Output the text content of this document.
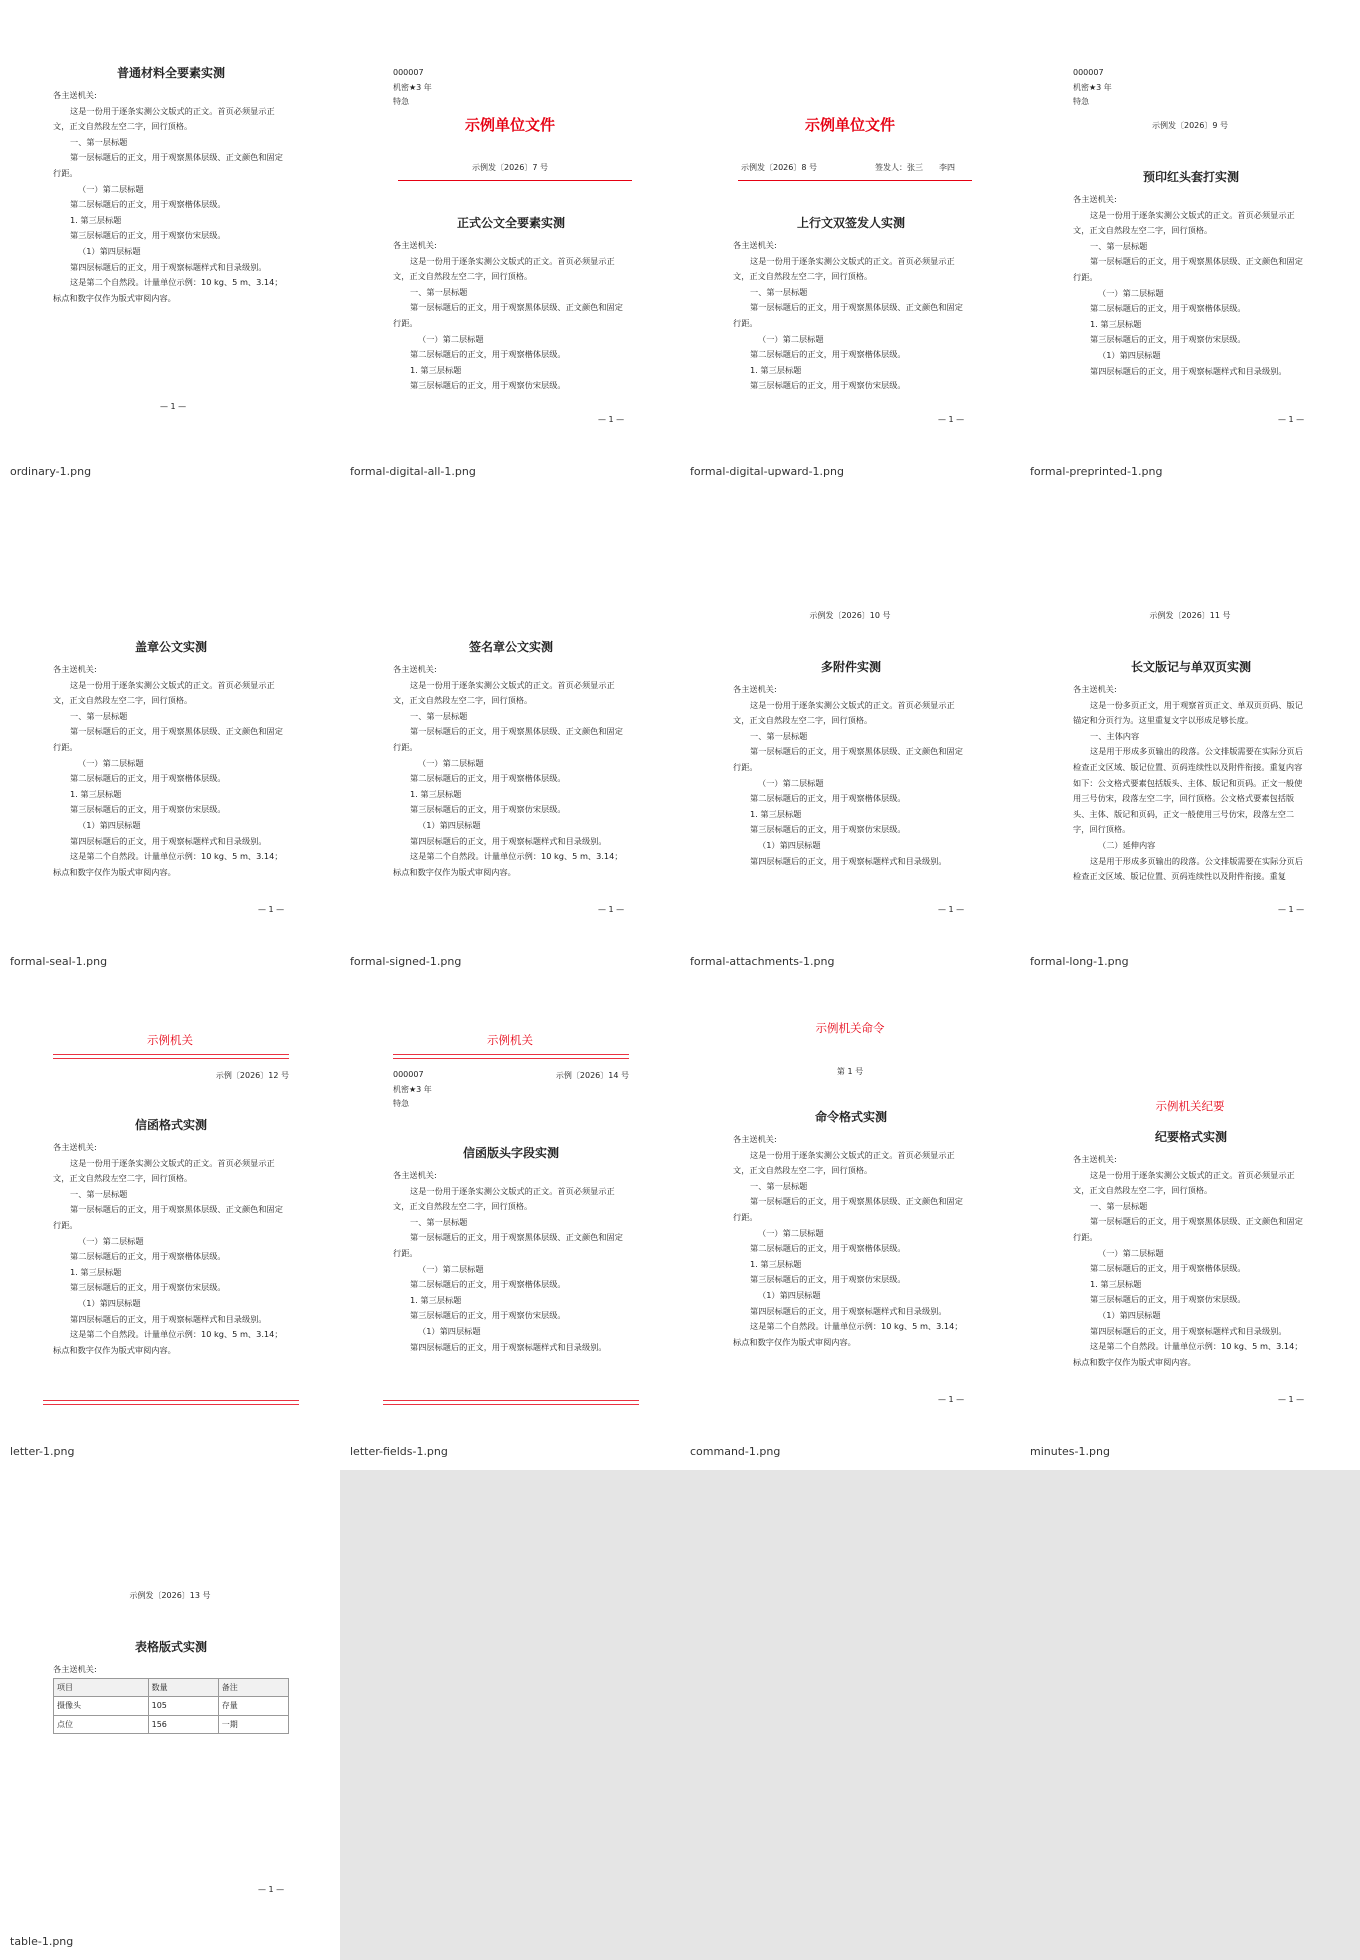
普通材料全要素实测

各主送机关:

这是一份用于逐条实测公文版式的正文。首页必须显示正文，正文自然段左空二字，回行顶格。

一、第一层标题

第一层标题后的正文，用于观察黑体层级、正文颜色和固定行距。

（一）第二层标题

第二层标题后的正文，用于观察楷体层级。

1. 第三层标题

第三层标题后的正文，用于观察仿宋层级。

（1）第四层标题

第四层标题后的正文，用于观察标题样式和目录级别。

这是第二个自然段。计量单位示例：10 kg、5 m、3.14；标点和数字仅作为版式审阅内容。

— 1 —
ordinary-1.png

000007

机密★3 年

特急

示例单位文件
示例发〔2026〕7 号
正式公文全要素实测

各主送机关:

这是一份用于逐条实测公文版式的正文。首页必须显示正文，正文自然段左空二字，回行顶格。

一、第一层标题

第一层标题后的正文，用于观察黑体层级、正文颜色和固定行距。

（一）第二层标题

第二层标题后的正文，用于观察楷体层级。

1. 第三层标题

第三层标题后的正文，用于观察仿宋层级。

— 1 —
formal-digital-all-1.png
示例单位文件
示例发〔2026〕8 号	签发人：张三　　李四
上行文双签发人实测

各主送机关:

这是一份用于逐条实测公文版式的正文。首页必须显示正文，正文自然段左空二字，回行顶格。

一、第一层标题

第一层标题后的正文，用于观察黑体层级、正文颜色和固定行距。

（一）第二层标题

第二层标题后的正文，用于观察楷体层级。

1. 第三层标题

第三层标题后的正文，用于观察仿宋层级。

— 1 —
formal-digital-upward-1.png

000007

机密★3 年

特急

示例发〔2026〕9 号
预印红头套打实测

各主送机关:

这是一份用于逐条实测公文版式的正文。首页必须显示正文，正文自然段左空二字，回行顶格。

一、第一层标题

第一层标题后的正文，用于观察黑体层级、正文颜色和固定行距。

（一）第二层标题

第二层标题后的正文，用于观察楷体层级。

1. 第三层标题

第三层标题后的正文，用于观察仿宋层级。

（1）第四层标题

第四层标题后的正文，用于观察标题样式和目录级别。

— 1 —
formal-preprinted-1.png
盖章公文实测

各主送机关:

这是一份用于逐条实测公文版式的正文。首页必须显示正文，正文自然段左空二字，回行顶格。

一、第一层标题

第一层标题后的正文，用于观察黑体层级、正文颜色和固定行距。

（一）第二层标题

第二层标题后的正文，用于观察楷体层级。

1. 第三层标题

第三层标题后的正文，用于观察仿宋层级。

（1）第四层标题

第四层标题后的正文，用于观察标题样式和目录级别。

这是第二个自然段。计量单位示例：10 kg、5 m、3.14；标点和数字仅作为版式审阅内容。

— 1 —
formal-seal-1.png
签名章公文实测

各主送机关:

这是一份用于逐条实测公文版式的正文。首页必须显示正文，正文自然段左空二字，回行顶格。

一、第一层标题

第一层标题后的正文，用于观察黑体层级、正文颜色和固定行距。

（一）第二层标题

第二层标题后的正文，用于观察楷体层级。

1. 第三层标题

第三层标题后的正文，用于观察仿宋层级。

（1）第四层标题

第四层标题后的正文，用于观察标题样式和目录级别。

这是第二个自然段。计量单位示例：10 kg、5 m、3.14；标点和数字仅作为版式审阅内容。

— 1 —
formal-signed-1.png
示例发〔2026〕10 号
多附件实测

各主送机关:

这是一份用于逐条实测公文版式的正文。首页必须显示正文，正文自然段左空二字，回行顶格。

一、第一层标题

第一层标题后的正文，用于观察黑体层级、正文颜色和固定行距。

（一）第二层标题

第二层标题后的正文，用于观察楷体层级。

1. 第三层标题

第三层标题后的正文，用于观察仿宋层级。

（1）第四层标题

第四层标题后的正文，用于观察标题样式和目录级别。

— 1 —
formal-attachments-1.png
示例发〔2026〕11 号
长文版记与单双页实测

各主送机关:

这是一份多页正文，用于观察首页正文、单双页页码、版记锚定和分页行为。这里重复文字以形成足够长度。

一、主体内容

这是用于形成多页输出的段落。公文排版需要在实际分页后检查正文区域、版记位置、页码连续性以及附件衔接。重复内容如下：公文格式要素包括版头、主体、版记和页码。正文一般使用三号仿宋，段落左空二字，回行顶格。公文格式要素包括版头、主体、版记和页码，正文一般使用三号仿宋，段落左空二字，回行顶格。

（二）延伸内容

这是用于形成多页输出的段落。公文排版需要在实际分页后检查正文区域、版记位置、页码连续性以及附件衔接。重复

— 1 —
formal-long-1.png
示例机关
示例〔2026〕12 号
信函格式实测

各主送机关:

这是一份用于逐条实测公文版式的正文。首页必须显示正文，正文自然段左空二字，回行顶格。

一、第一层标题

第一层标题后的正文，用于观察黑体层级、正文颜色和固定行距。

（一）第二层标题

第二层标题后的正文，用于观察楷体层级。

1. 第三层标题

第三层标题后的正文，用于观察仿宋层级。

（1）第四层标题

第四层标题后的正文，用于观察标题样式和目录级别。

这是第二个自然段。计量单位示例：10 kg、5 m、3.14；标点和数字仅作为版式审阅内容。

letter-1.png
示例机关

000007

机密★3 年

特急

示例〔2026〕14 号
信函版头字段实测

各主送机关:

这是一份用于逐条实测公文版式的正文。首页必须显示正文，正文自然段左空二字，回行顶格。

一、第一层标题

第一层标题后的正文，用于观察黑体层级、正文颜色和固定行距。

（一）第二层标题

第二层标题后的正文，用于观察楷体层级。

1. 第三层标题

第三层标题后的正文，用于观察仿宋层级。

（1）第四层标题

第四层标题后的正文，用于观察标题样式和目录级别。

letter-fields-1.png
示例机关命令
第 1 号
命令格式实测

各主送机关:

这是一份用于逐条实测公文版式的正文。首页必须显示正文，正文自然段左空二字，回行顶格。

一、第一层标题

第一层标题后的正文，用于观察黑体层级、正文颜色和固定行距。

（一）第二层标题

第二层标题后的正文，用于观察楷体层级。

1. 第三层标题

第三层标题后的正文，用于观察仿宋层级。

（1）第四层标题

第四层标题后的正文，用于观察标题样式和目录级别。

这是第二个自然段。计量单位示例：10 kg、5 m、3.14；标点和数字仅作为版式审阅内容。

— 1 —
command-1.png
示例机关纪要
纪要格式实测

各主送机关:

这是一份用于逐条实测公文版式的正文。首页必须显示正文，正文自然段左空二字，回行顶格。

一、第一层标题

第一层标题后的正文，用于观察黑体层级、正文颜色和固定行距。

（一）第二层标题

第二层标题后的正文，用于观察楷体层级。

1. 第三层标题

第三层标题后的正文，用于观察仿宋层级。

（1）第四层标题

第四层标题后的正文，用于观察标题样式和目录级别。

这是第二个自然段。计量单位示例：10 kg、5 m、3.14；标点和数字仅作为版式审阅内容。

— 1 —
minutes-1.png
示例发〔2026〕13 号
表格版式实测

各主送机关:

项目	数量	备注
摄像头	105	存量
点位	156	一期
— 1 —
table-1.png
